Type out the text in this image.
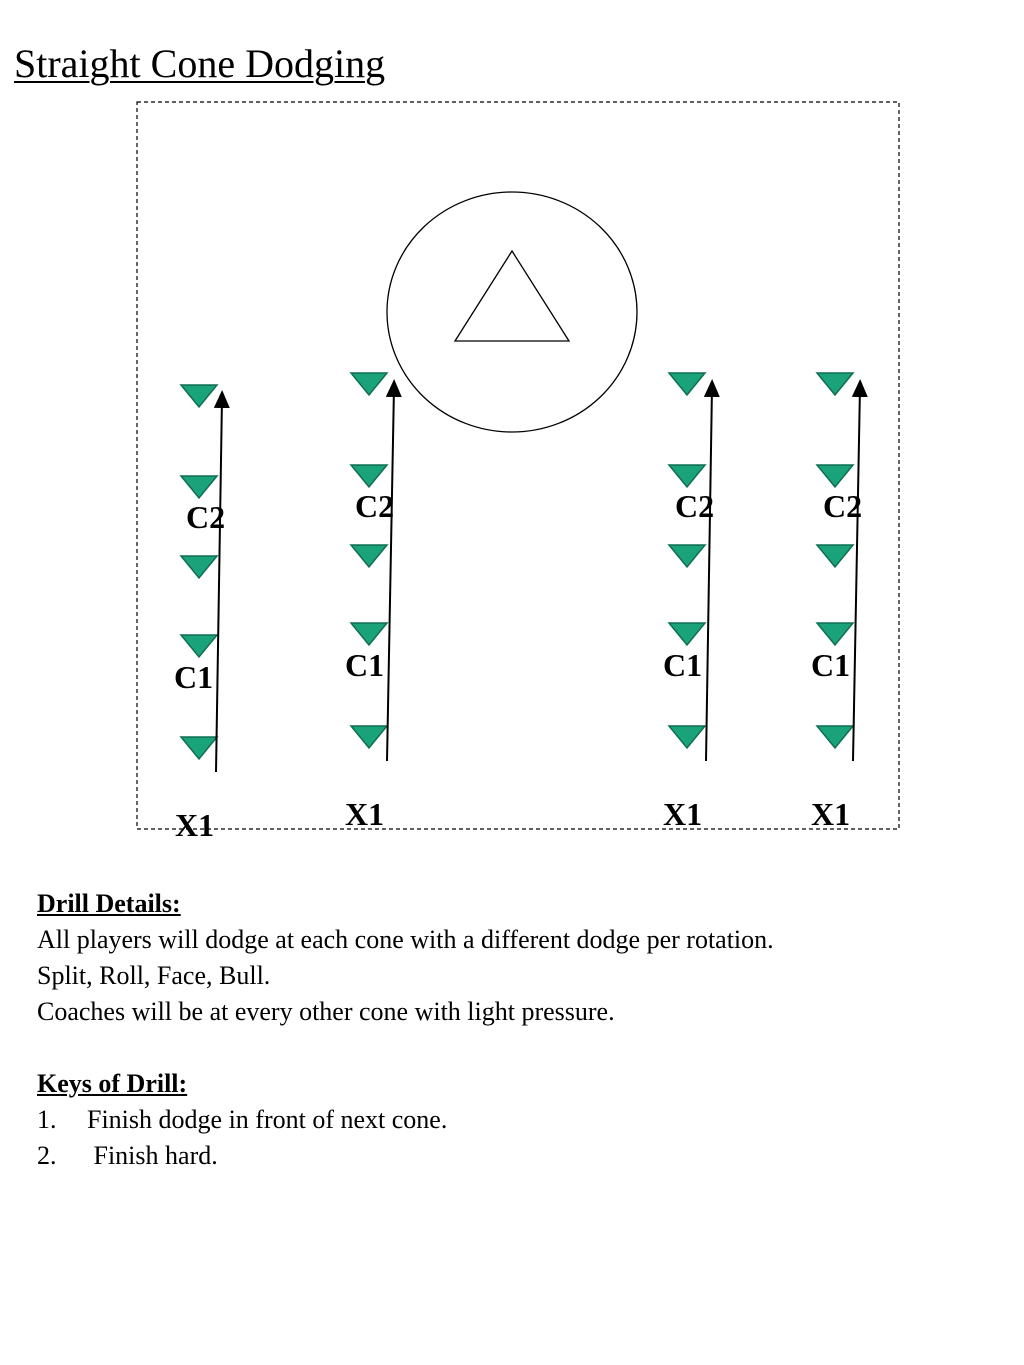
Straight Cone Dodging
C2
C1
X1
C2
C1
X1
C2
C1
X1
C2
C1
X1
Drill Details:
All players will dodge at each cone with a different dodge per rotation.
Split, Roll, Face, Bull.
Coaches will be at every other cone with light pressure.
Keys of Drill:
1.	Finish dodge in front of next cone.
2.	Finish hard.
